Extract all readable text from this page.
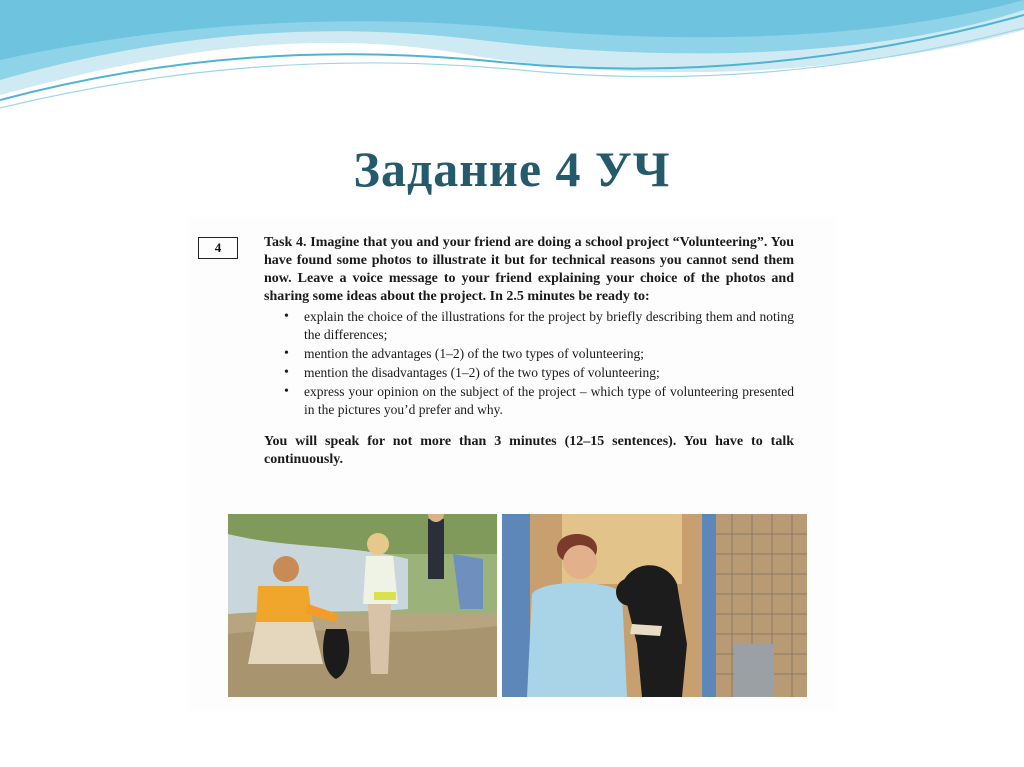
Задание 4 УЧ
4	Task 4. Imagine that you and your friend are doing a school project “Volunteering”. You have found some photos to illustrate it but for technical reasons you cannot send them now. Leave a voice message to your friend explaining your choice of the photos and sharing some ideas about the project. In 2.5 minutes be ready to:

• explain the choice of the illustrations for the project by briefly describing them and noting the differences;
• mention the advantages (1–2) of the two types of volunteering;
• mention the disadvantages (1–2) of the two types of volunteering;
• express your opinion on the subject of the project – which type of volunteering presented in the pictures you’d prefer and why.

You will speak for not more than 3 minutes (12–15 sentences). You have to talk continuously.
